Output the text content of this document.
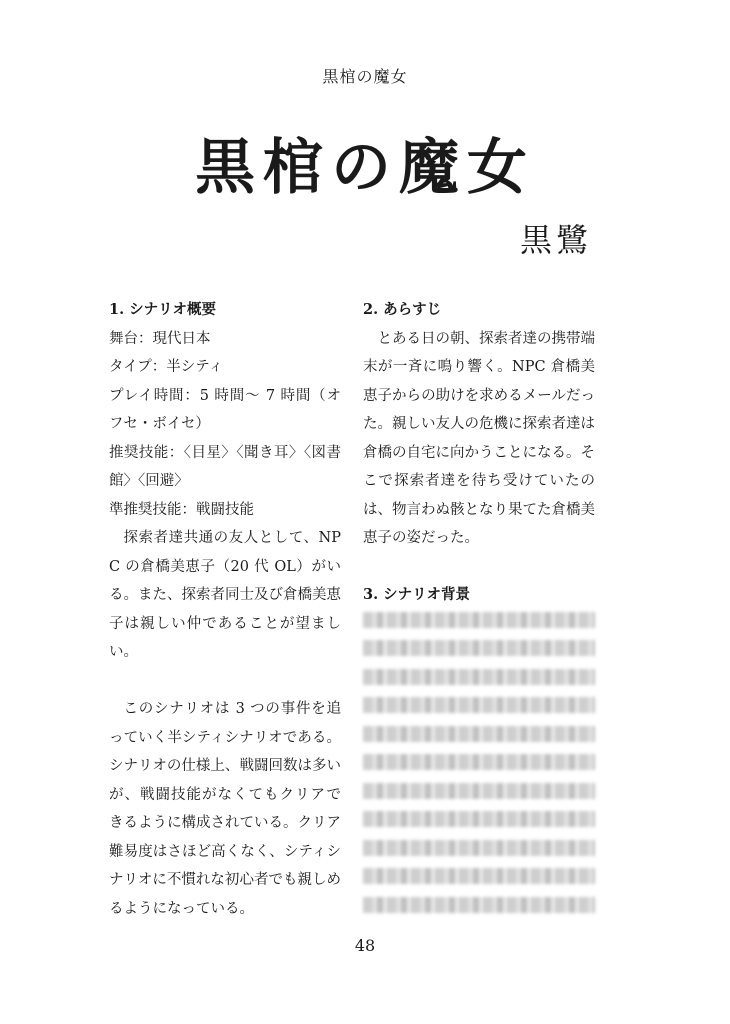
黒棺の魔女
黒棺の魔女
黒鷺

1. シナリオ概要

舞台：現代日本

タイプ：半シティ

プレイ時間：5 時間～ 7 時間（オフセ・ボイセ）

推奨技能：〈目星〉〈聞き耳〉〈図書館〉〈回避〉

準推奨技能：戦闘技能

探索者達共通の友人として、NPC の倉橋美恵子（20 代 OL）がいる。また、探索者同士及び倉橋美恵子は親しい仲であることが望ましい。

このシナリオは 3 つの事件を追っていく半シティシナリオである。シナリオの仕様上、戦闘回数は多いが、戦闘技能がなくてもクリアできるように構成されている。クリア難易度はさほど高くなく、シティシナリオに不慣れな初心者でも親しめるようになっている。

2. あらすじ

とある日の朝、探索者達の携帯端末が一斉に鳴り響く。NPC 倉橋美恵子からの助けを求めるメールだった。親しい友人の危機に探索者達は倉橋の自宅に向かうことになる。そこで探索者達を待ち受けていたのは、物言わぬ骸となり果てた倉橋美恵子の姿だった。

3. シナリオ背景

48
